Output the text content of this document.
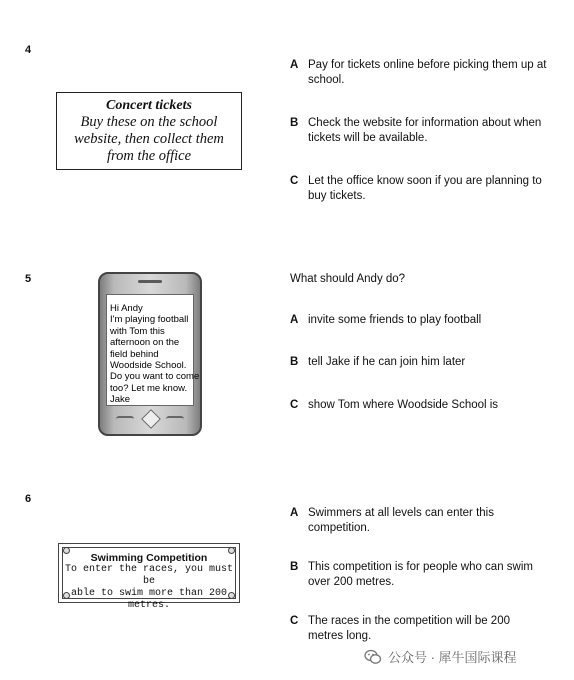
4
Concert tickets
Buy these on the school
website, then collect them
from the office
A Pay for tickets online before picking them up at school.
B Check the website for information about when tickets will be available.
C Let the office know soon if you are planning to buy tickets.
5
Hi Andy
I'm playing football
with Tom this
afternoon on the
field behind
Woodside School.
Do you want to come
too? Let me know.
Jake
What should Andy do?
A invite some friends to play football
B tell Jake if he can join him later
C show Tom where Woodside School is
6
Swimming Competition
To enter the races, you must be
able to swim more than 200 metres.
A Swimmers at all levels can enter this competition.
B This competition is for people who can swim over 200 metres.
C The races in the competition will be 200 metres long.
公众号 · 犀牛国际课程
